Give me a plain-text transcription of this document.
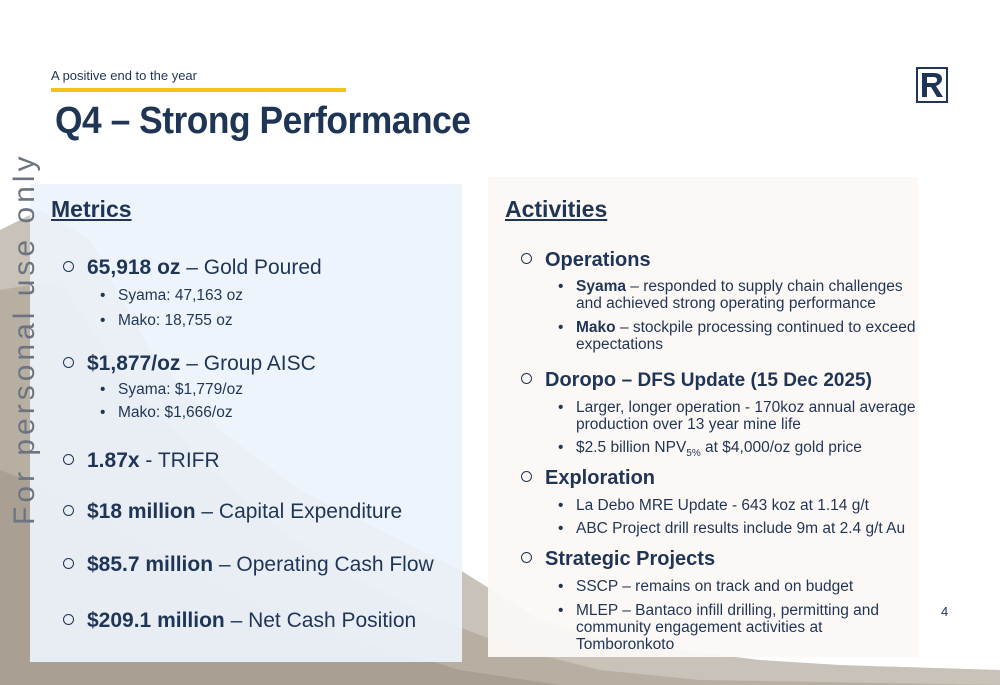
A positive end to the year
Q4 – Strong Performance
For personal use only Metrics
65,918 oz – Gold Poured
• Syama: 47,163 oz
• Mako: 18,755 oz
$1,877/oz – Group AISC
• Syama: $1,779/oz
• Mako: $1,666/oz
1.87x - TRIFR
$18 million – Capital Expenditure
$85.7 million – Operating Cash Flow
$209.1 million – Net Cash Position
Activities
Operations
• Syama – responded to supply chain challenges and achieved strong operating performance
• Mako – stockpile processing continued to exceed expectations
Doropo – DFS Update (15 Dec 2025)
• Larger, longer operation - 170koz annual average production over 13 year mine life
• $2.5 billion $NPV_{5\%}$ at $4,000/oz gold price
Exploration
• La Debo MRE Update - 643 koz at 1.14 g/t
• ABC Project drill results include 9m at 2.4 g/t Au
Strategic Projects
• SSCP – remains on track and on budget
• MLEP – Bantaco infill drilling, permitting and community engagement activities at Tomboronkoto
4
